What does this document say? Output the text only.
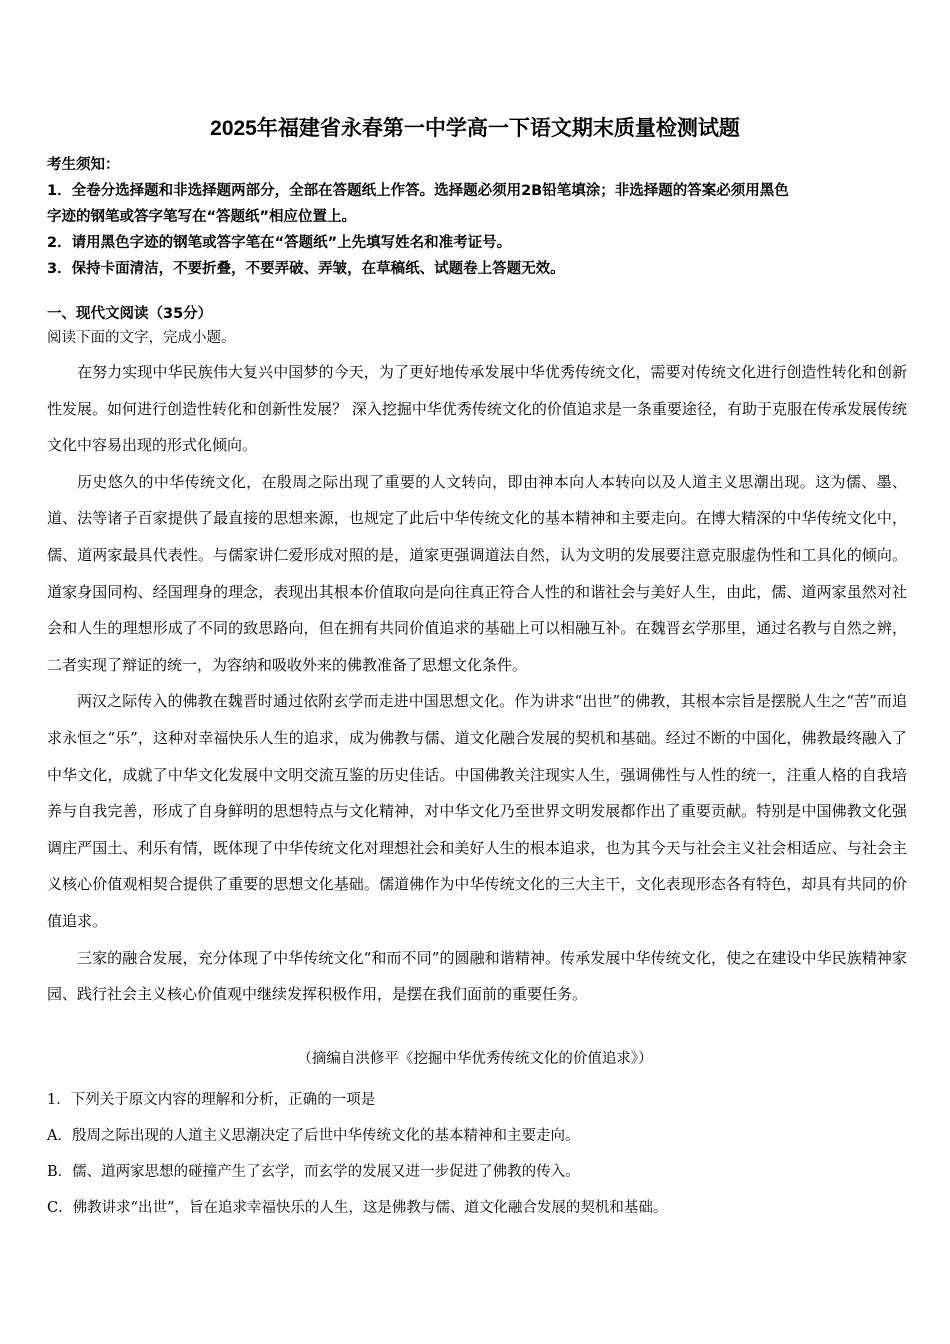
2025年福建省永春第一中学高一下语文期末质量检测试题
考生须知：
1．全卷分选择题和非选择题两部分，全部在答题纸上作答。选择题必须用2B铅笔填涂；非选择题的答案必须用黑色
字迹的钢笔或答字笔写在“答题纸”相应位置上。
2．请用黑色字迹的钢笔或答字笔在“答题纸”上先填写姓名和准考证号。
3．保持卡面清洁，不要折叠，不要弄破、弄皱，在草稿纸、试题卷上答题无效。
一、现代文阅读（35分）
阅读下面的文字，完成小题。

在努力实现中华民族伟大复兴中国梦的今天，为了更好地传承发展中华优秀传统文化，需要对传统文化进行创造性转化和创新性发展。如何进行创造性转化和创新性发展？ 深入挖掘中华优秀传统文化的价值追求是一条重要途径，有助于克服在传承发展传统文化中容易出现的形式化倾向。

历史悠久的中华传统文化，在殷周之际出现了重要的人文转向，即由神本向人本转向以及人道主义思潮出现。这为儒、墨、道、法等诸子百家提供了最直接的思想来源，也规定了此后中华传统文化的基本精神和主要走向。在博大精深的中华传统文化中，儒、道两家最具代表性。与儒家讲仁爱形成对照的是，道家更强调道法自然，认为文明的发展要注意克服虚伪性和工具化的倾向。道家身国同构、经国理身的理念，表现出其根本价值取向是向往真正符合人性的和谐社会与美好人生，由此，儒、道两家虽然对社会和人生的理想形成了不同的致思路向，但在拥有共同价值追求的基础上可以相融互补。在魏晋玄学那里，通过名教与自然之辨，二者实现了辩证的统一，为容纳和吸收外来的佛教准备了思想文化条件。

两汉之际传入的佛教在魏晋时通过依附玄学而走进中国思想文化。作为讲求“出世”的佛教，其根本宗旨是摆脱人生之“苦”而追求永恒之“乐”，这种对幸福快乐人生的追求，成为佛教与儒、道文化融合发展的契机和基础。经过不断的中国化，佛教最终融入了中华文化，成就了中华文化发展中文明交流互鉴的历史佳话。中国佛教关注现实人生，强调佛性与人性的统一，注重人格的自我培养与自我完善，形成了自身鲜明的思想特点与文化精神，对中华文化乃至世界文明发展都作出了重要贡献。特别是中国佛教文化强调庄严国土、利乐有情，既体现了中华传统文化对理想社会和美好人生的根本追求，也为其今天与社会主义社会相适应、与社会主义核心价值观相契合提供了重要的思想文化基础。儒道佛作为中华传统文化的三大主干，文化表现形态各有特色，却具有共同的价值追求。

三家的融合发展，充分体现了中华传统文化“和而不同”的圆融和谐精神。传承发展中华传统文化，使之在建设中华民族精神家园、践行社会主义核心价值观中继续发挥积极作用，是摆在我们面前的重要任务。

（摘编自洪修平《挖掘中华优秀传统文化的价值追求》）
1．下列关于原文内容的理解和分析，正确的一项是
A．殷周之际出现的人道主义思潮决定了后世中华传统文化的基本精神和主要走向。
B．儒、道两家思想的碰撞产生了玄学，而玄学的发展又进一步促进了佛教的传入。
C．佛教讲求“出世”，旨在追求幸福快乐的人生，这是佛教与儒、道文化融合发展的契机和基础。
